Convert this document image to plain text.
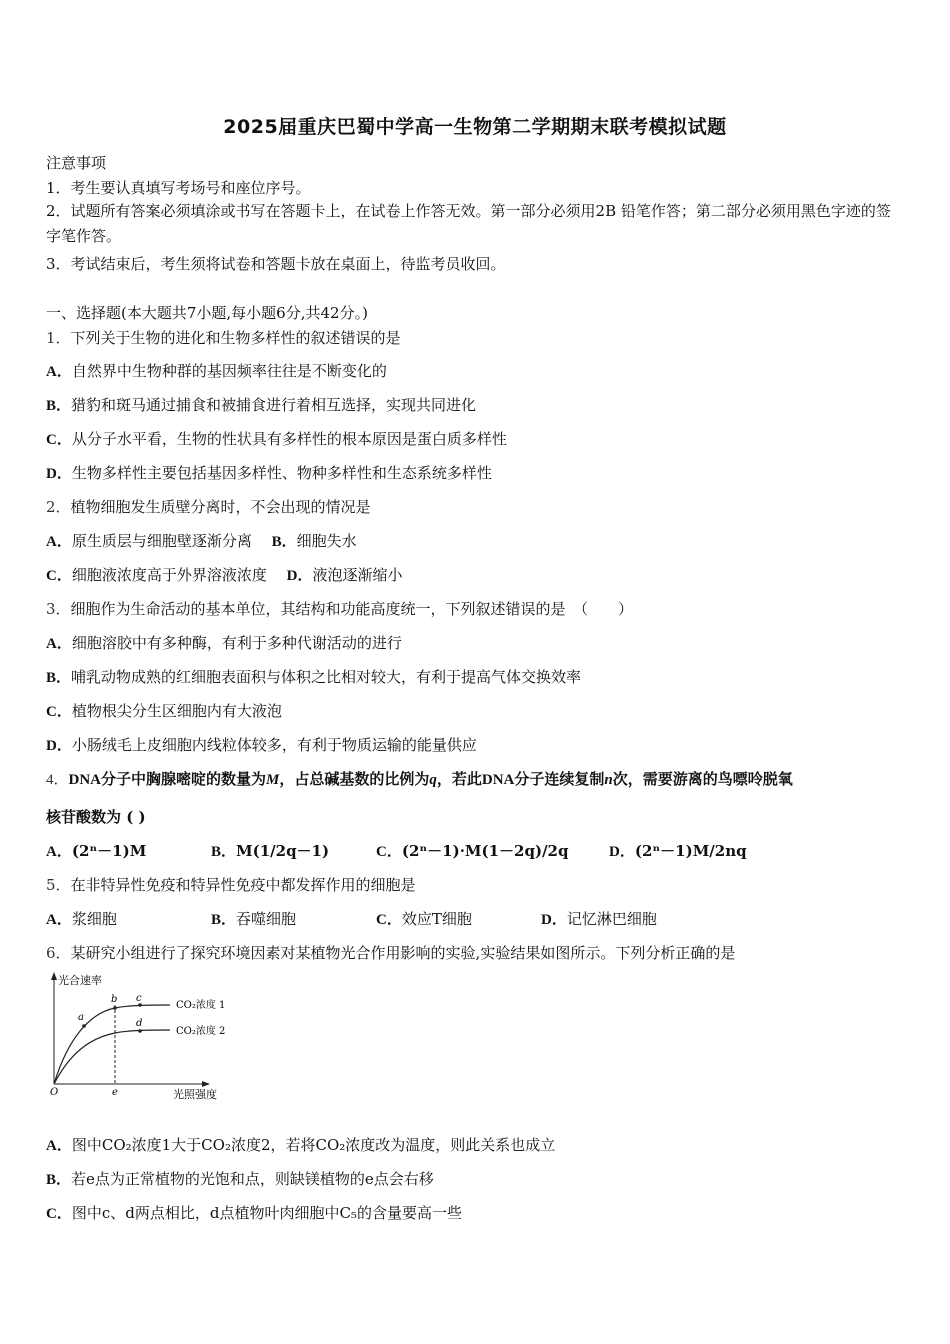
2025届重庆巴蜀中学高一生物第二学期期末联考模拟试题
注意事项
1．考生要认真填写考场号和座位序号。
2．试题所有答案必须填涂或书写在答题卡上，在试卷上作答无效。第一部分必须用2B 铅笔作答；第二部分必须用黑色字迹的签字笔作答。
3．考试结束后，考生须将试卷和答题卡放在桌面上，待监考员收回。
一、选择题(本大题共7小题,每小题6分,共42分。)
1．下列关于生物的进化和生物多样性的叙述错误的是
A．自然界中生物种群的基因频率往往是不断变化的
B．猎豹和斑马通过捕食和被捕食进行着相互选择，实现共同进化
C．从分子水平看，生物的性状具有多样性的根本原因是蛋白质多样性
D．生物多样性主要包括基因多样性、物种多样性和生态系统多样性
2．植物细胞发生质壁分离时，不会出现的情况是
A．原生质层与细胞壁逐渐分离　 B．细胞失水
C．细胞液浓度高于外界溶液浓度　 D．液泡逐渐缩小
3．细胞作为生命活动的基本单位，其结构和功能高度统一，下列叙述错误的是　（　　）
A．细胞溶胶中有多种酶，有利于多种代谢活动的进行
B．哺乳动物成熟的红细胞表面积与体积之比相对较大，有利于提高气体交换效率
C．植物根尖分生区细胞内有大液泡
D．小肠绒毛上皮细胞内线粒体较多，有利于物质运输的能量供应
4．DNA分子中胸腺嘧啶的数量为M，占总碱基数的比例为q，若此DNA分子连续复制n次，需要游离的鸟嘌呤脱氧
核苷酸数为 ( )
A．(2ⁿ－1)M	B．M(1/2q－1)	C．(2ⁿ－1)·M(1－2q)/2q	D．(2ⁿ－1)M/2nq
5．在非特异性免疫和特异性免疫中都发挥作用的细胞是
A．浆细胞	B．吞噬细胞	C．效应T细胞	D．记忆淋巴细胞
6．某研究小组进行了探究环境因素对某植物光合作用影响的实验,实验结果如图所示。下列分析正确的是
光合速率
光照强度
O
a
b c
d
e
CO₂浓度 1
CO₂浓度 2
A．图中CO₂浓度1大于CO₂浓度2，若将CO₂浓度改为温度，则此关系也成立
B．若e点为正常植物的光饱和点，则缺镁植物的e点会右移
C．图中c、d两点相比，d点植物叶肉细胞中C₅的含量要高一些
